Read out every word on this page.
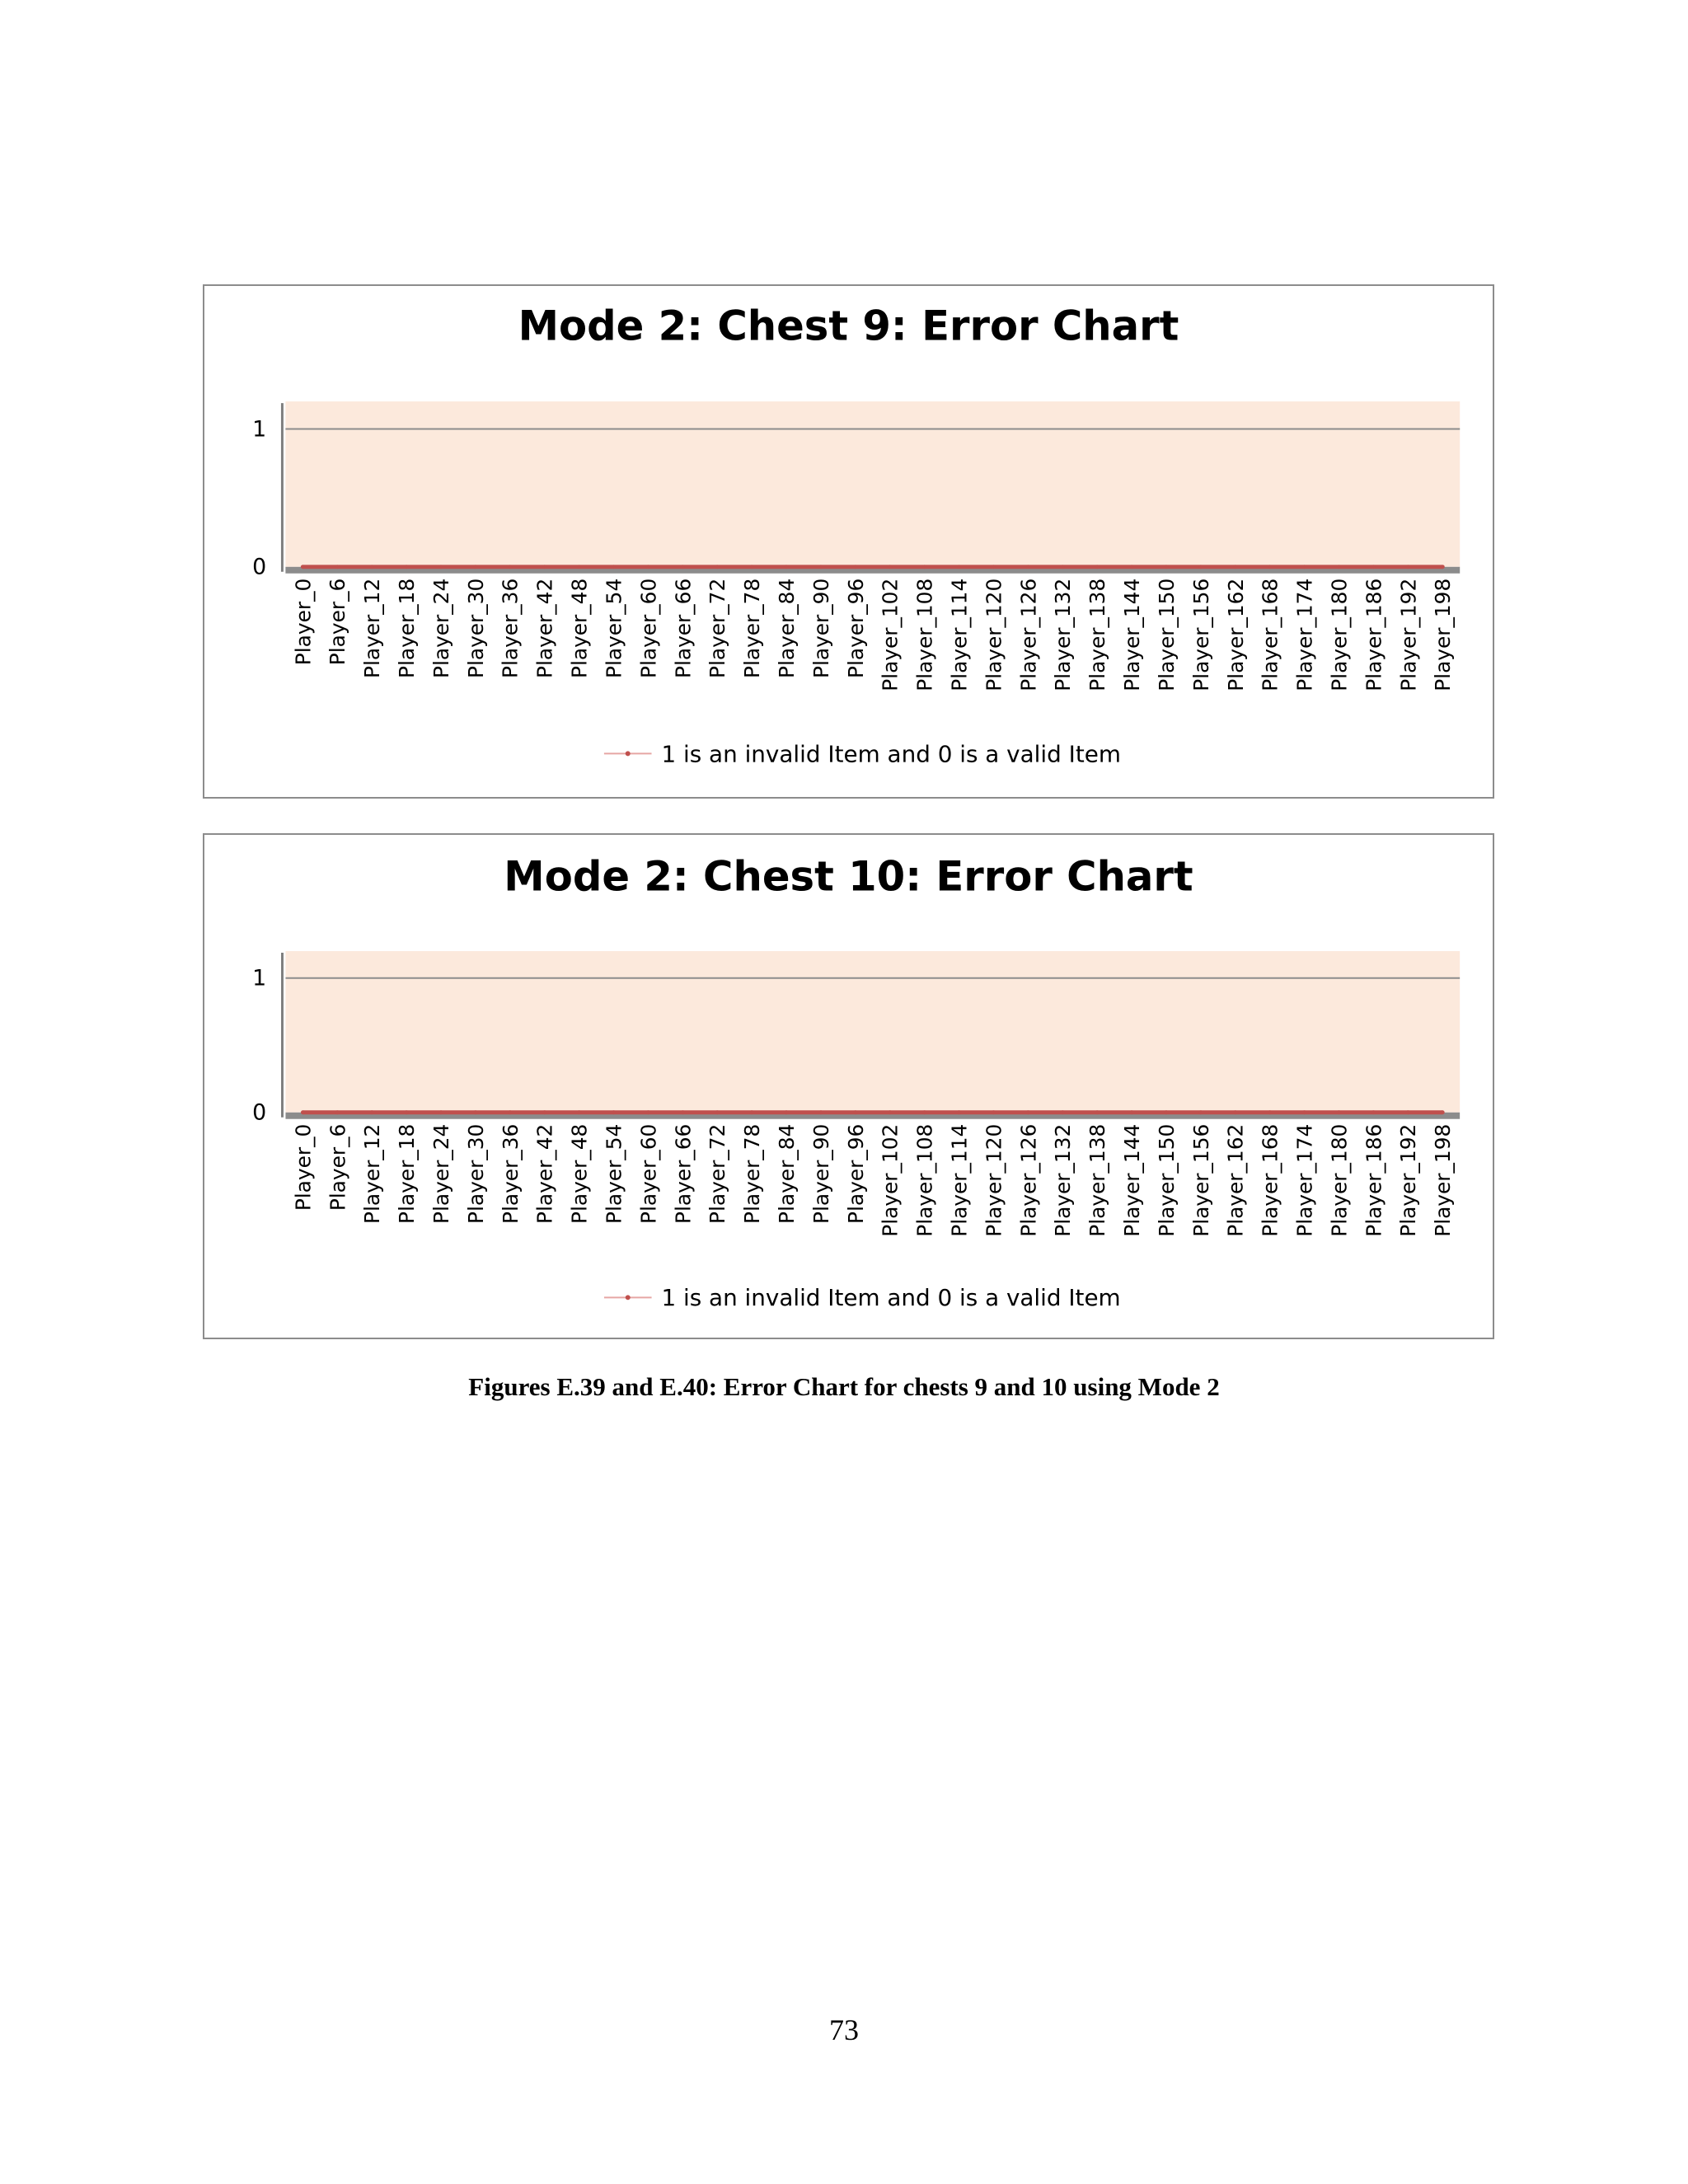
Mode 2: Chest 9: Error Chart
0
1
Player_0 Player_6 Player_12 Player_18 Player_24 Player_30 Player_36 Player_42 Player_48 Player_54 Player_60 Player_66 Player_72 Player_78 Player_84 Player_90 Player_96 Player_102 Player_108 Player_114 Player_120 Player_126 Player_132 Player_138 Player_144 Player_150 Player_156 Player_162 Player_168 Player_174 Player_180 Player_186 Player_192 Player_198
1 is an invalid Item and 0 is a valid Item
Mode 2: Chest 10: Error Chart
0
1
Player_0 Player_6 Player_12 Player_18 Player_24 Player_30 Player_36 Player_42 Player_48 Player_54 Player_60 Player_66 Player_72 Player_78 Player_84 Player_90 Player_96 Player_102 Player_108 Player_114 Player_120 Player_126 Player_132 Player_138 Player_144 Player_150 Player_156 Player_162 Player_168 Player_174 Player_180 Player_186 Player_192 Player_198
1 is an invalid Item and 0 is a valid Item
Figures E.39 and E.40: Error Chart for chests 9 and 10 using Mode 2
73
